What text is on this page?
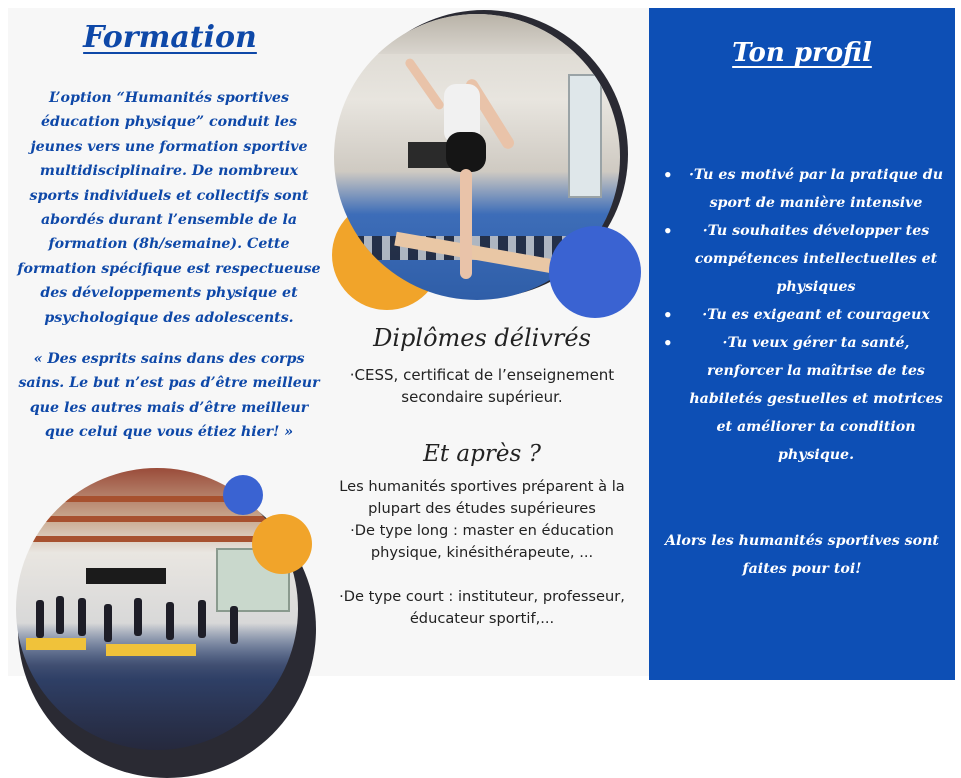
Formation
L’option “Humanités sportives éducation physique” conduit les jeunes vers une formation sportive multidisciplinaire. De nombreux sports individuels et collectifs sont abordés durant l’ensemble de la formation (8h/semaine). Cette formation spécifique est respectueuse des développements physique et psychologique des adolescents.
« Des esprits sains dans des corps sains. Le but n’est pas d’être meilleur que les autres mais d’être meilleur que celui que vous étiez hier! »
Diplômes délivrés
·CESS, certificat de l’enseignement secondaire supérieur.
Et après ?

Les humanités sportives préparent à la plupart des études supérieures

·De type long : master en éducation physique, kinésithérapeute, ...

·De type court : instituteur, professeur, éducateur sportif,...

Ton profil
• ·Tu es motivé par la pratique du sport de manière intensive
• ·Tu souhaites développer tes compétences intellectuelles et physiques
• ·Tu es exigeant et courageux
•	·Tu veux gérer ta santé, renforcer la maîtrise de tes habiletés gestuelles et motrices et améliorer ta condition physique.
Alors les humanités sportives sont faites pour toi!
